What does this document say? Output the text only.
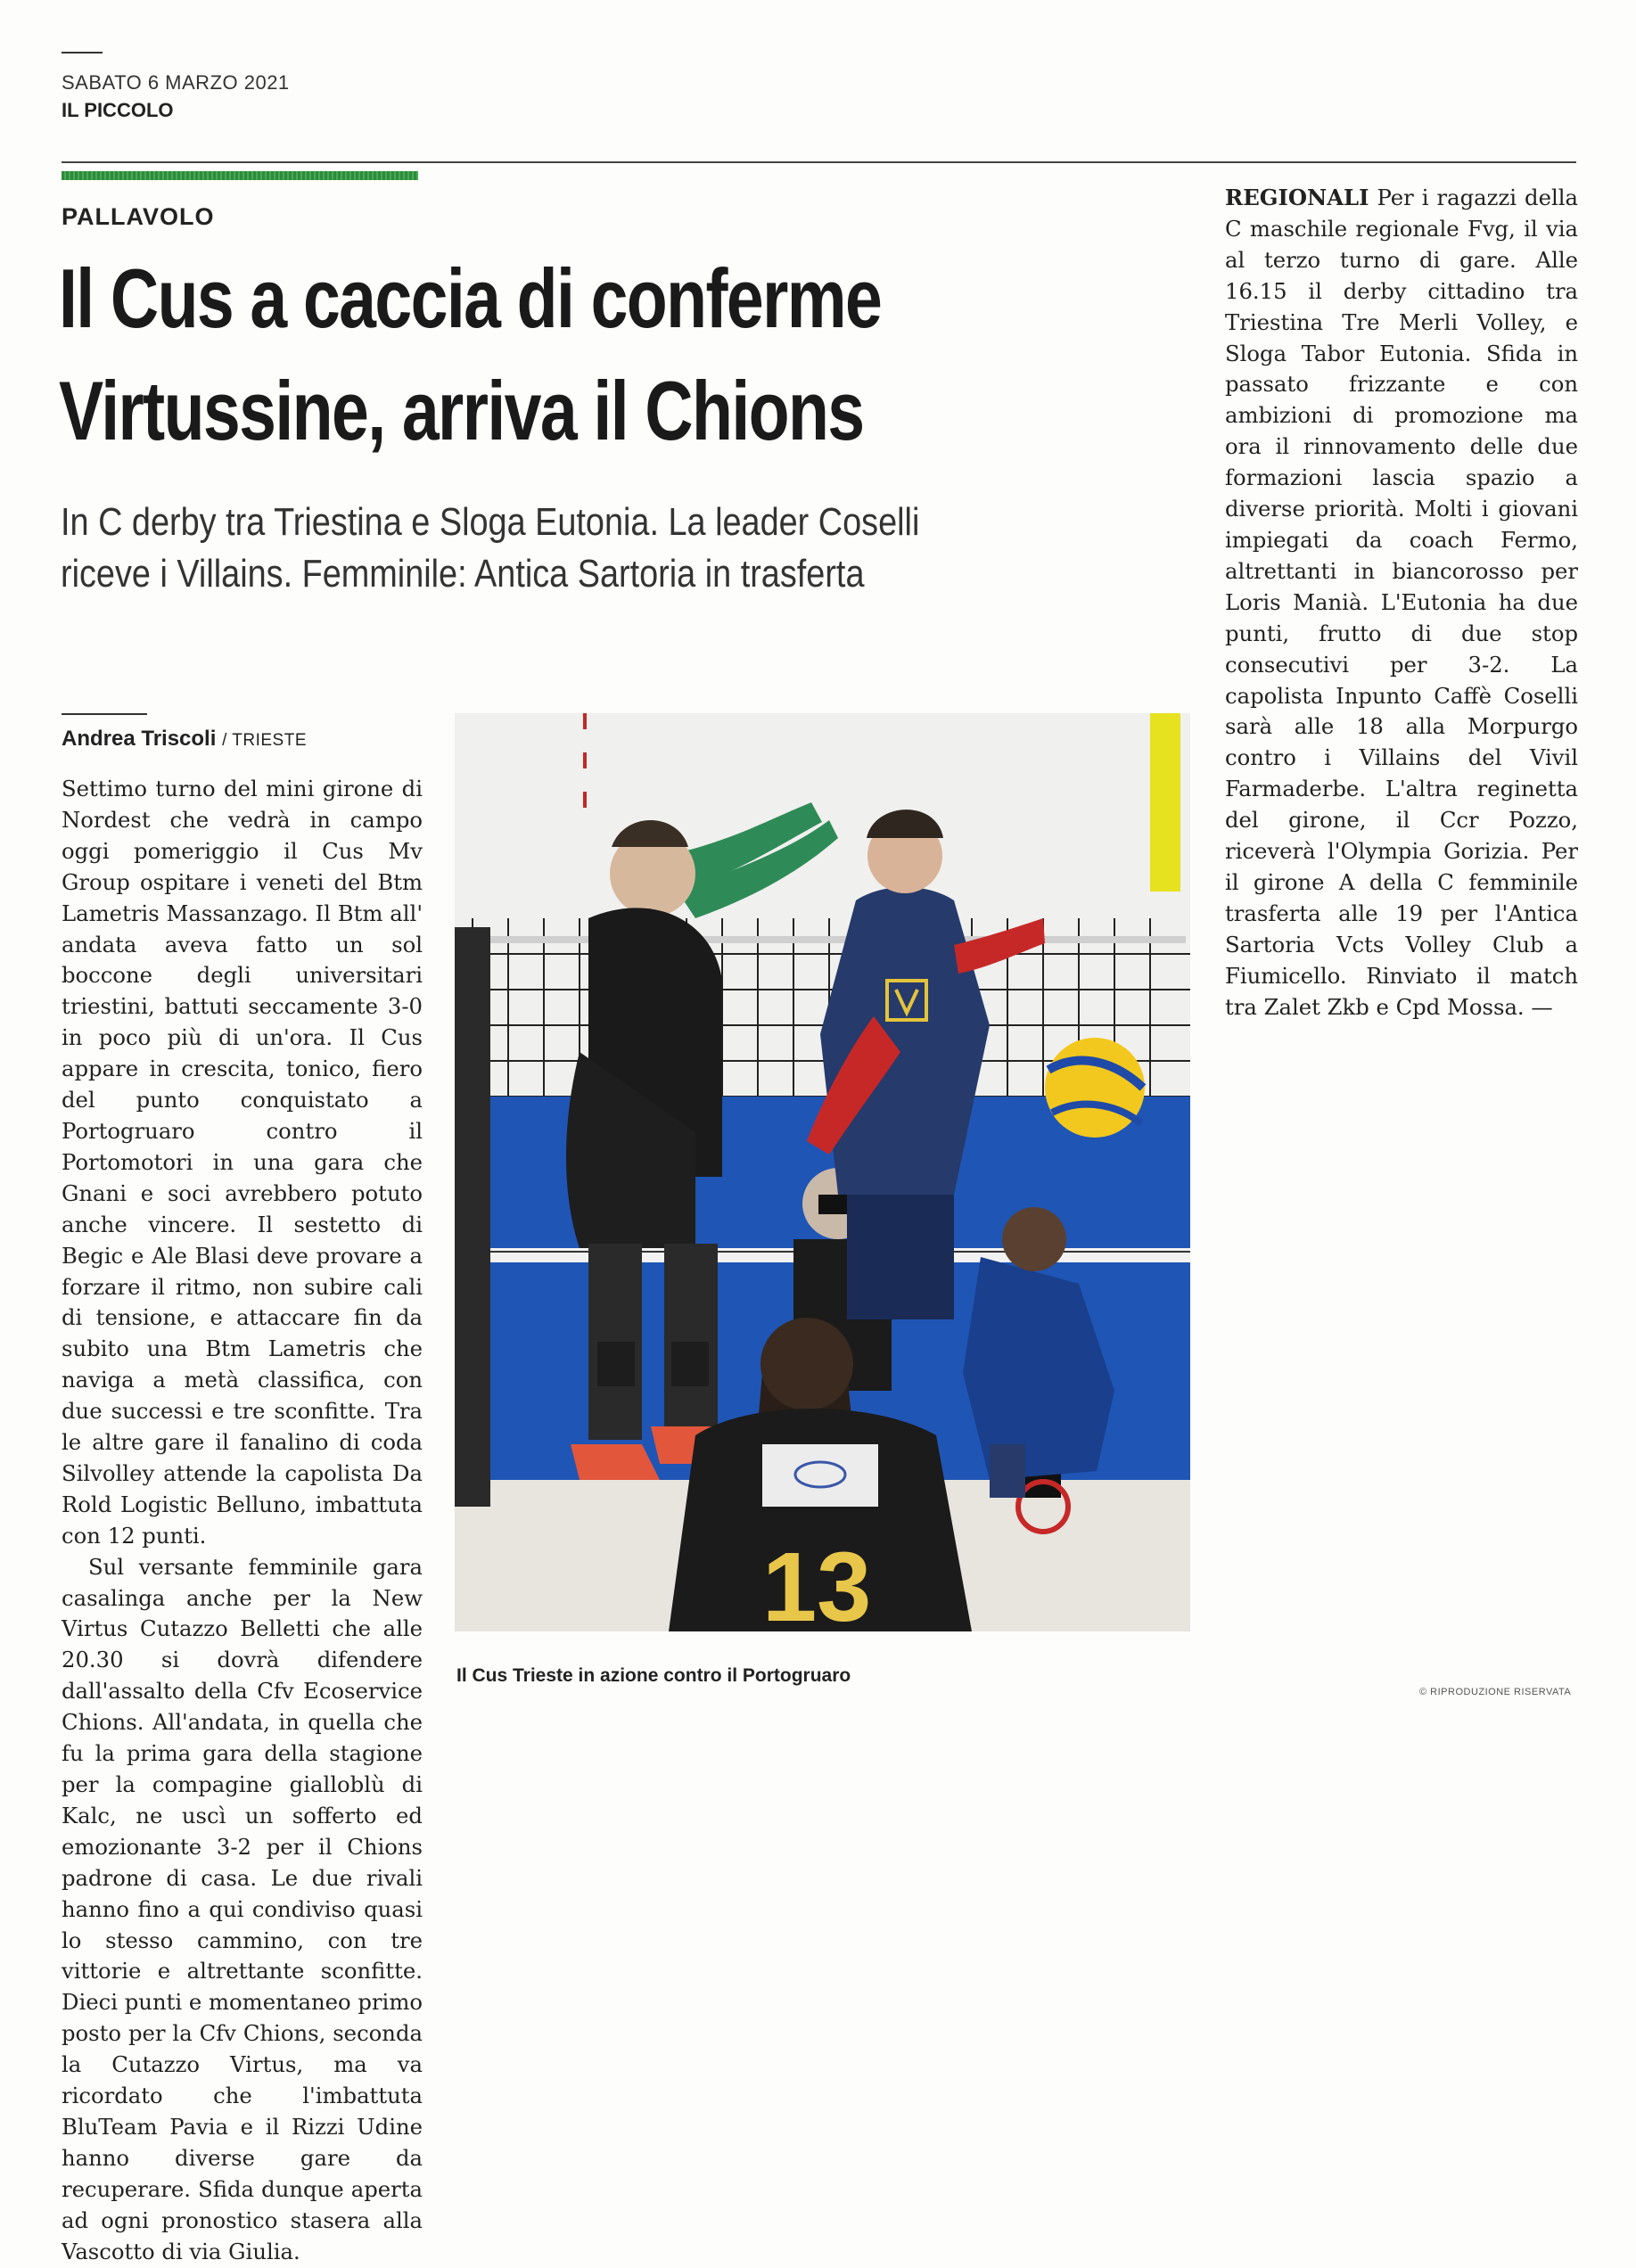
SABATO 6 MARZO 2021
IL PICCOLO
PALLAVOLO
Il Cus a caccia di conferme
Virtussine, arriva il Chions
In C derby tra Triestina e Sloga Eutonia. La leader Coselli
riceve i Villains. Femminile: Antica Sartoria in trasferta
Andrea Triscoli / TRIESTE

Settimo turno del mini girone di Nordest che vedrà in campo oggi pomeriggio il Cus Mv Group ospitare i veneti del Btm Lametris Massanzago. Il Btm all' andata aveva fatto un sol boccone degli universitari triestini, battuti seccamente 3-0 in poco più di un'ora. Il Cus appare in crescita, tonico, fiero del punto conquistato a Portogruaro contro il Portomotori in una gara che Gnani e soci avrebbero potuto anche vincere. Il sestetto di Begic e Ale Blasi deve provare a forzare il ritmo, non subire cali di tensione, e attaccare fin da subito una Btm Lametris che naviga a metà classifica, con due successi e tre sconfitte. Tra le altre gare il fanalino di coda Silvolley attende la capolista Da Rold Logistic Belluno, imbattuta con 12 punti.

Sul versante femminile gara casalinga anche per la New Virtus Cutazzo Belletti che alle 20.30 si dovrà difendere dall'assalto della Cfv Ecoservice Chions. All'andata, in quella che fu la prima gara della stagione per la compagine gialloblù di Kalc, ne uscì un sofferto ed emozionante 3-2 per il Chions padrone di casa. Le due rivali hanno fino a qui condiviso quasi lo stesso cammino, con tre vittorie e altrettante sconfitte. Dieci punti e momentaneo primo posto per la Cfv Chions, seconda la Cutazzo Virtus, ma va ricordato che l'imbattuta BluTeam Pavia e il Rizzi Udine hanno diverse gare da recuperare. Sfida dunque aperta ad ogni pronostico stasera alla Vascotto di via Giulia.

13
Il Cus Trieste in azione contro il Portogruaro

REGIONALI Per i ragazzi della C maschile regionale Fvg, il via al terzo turno di gare. Alle 16.15 il derby cittadino tra Triestina Tre Merli Volley, e Sloga Tabor Eutonia. Sfida in passato frizzante e con ambizioni di promozione ma ora il rinnovamento delle due formazioni lascia spazio a diverse priorità. Molti i giovani impiegati da coach Fermo, altrettanti in biancorosso per Loris Manià. L'Eutonia ha due punti, frutto di due stop consecutivi per 3-2. La capolista Inpunto Caffè Coselli sarà alle 18 alla Morpurgo contro i Villains del Vivil Farmaderbe. L'altra reginetta del girone, il Ccr Pozzo, riceverà l'Olympia Gorizia. Per il girone A della C femminile trasferta alle 19 per l'Antica Sartoria Vcts Volley Club a Fiumicello. Rinviato il match tra Zalet Zkb e Cpd Mossa. —

© RIPRODUZIONE RISERVATA
